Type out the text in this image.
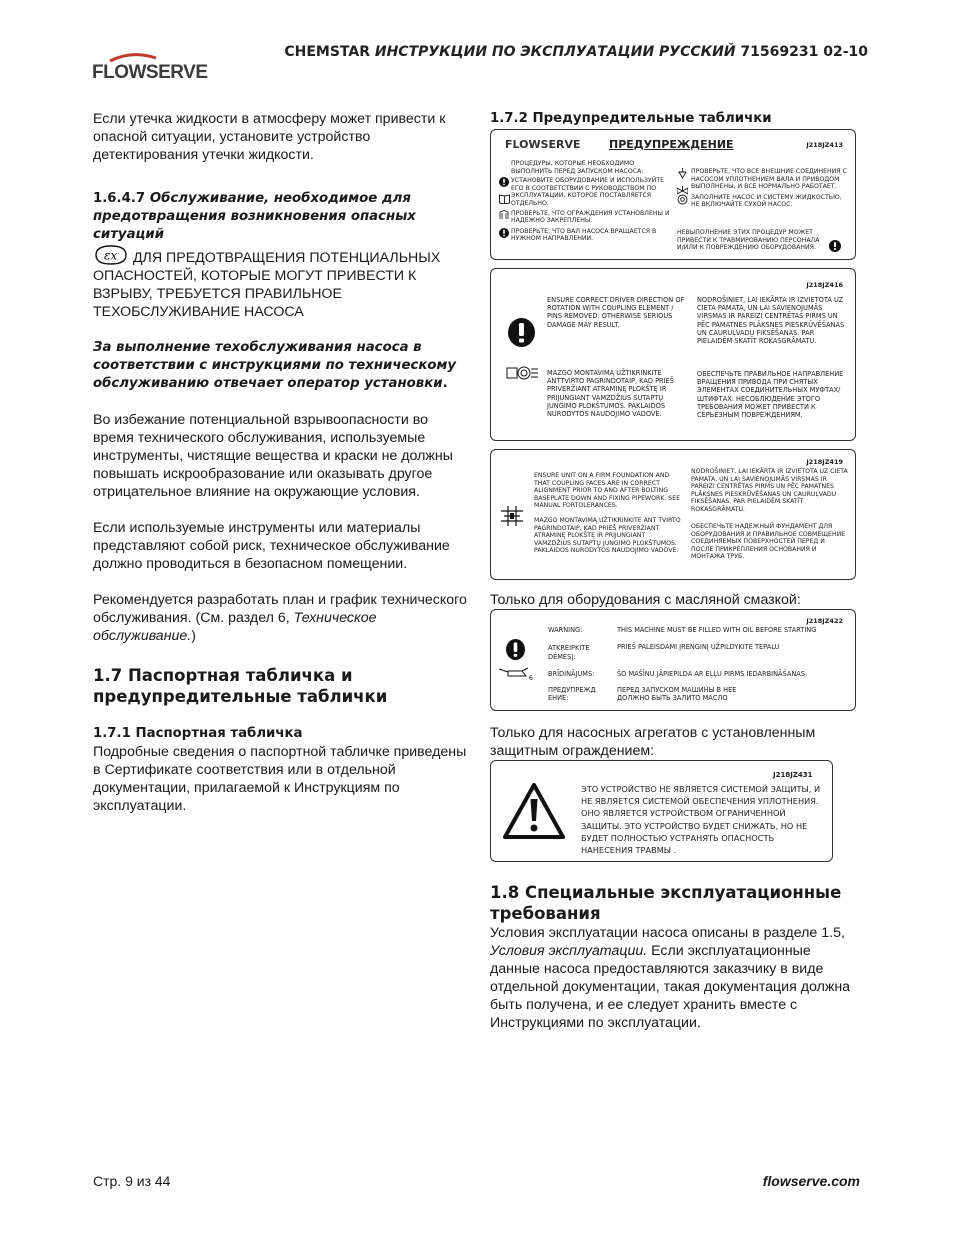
FLOWSERVE
CHEMSTAR ИНСТРУКЦИИ ПО ЭКСПЛУАТАЦИИ РУССКИЙ 71569231 02-10

Если утечка жидкости в атмосферу может привести к опасной ситуации, установите устройство детектирования утечки жидкости.

1.6.4.7 Обслуживание, необходимое для предотвращения возникновения опасных ситуаций

εx ДЛЯ ПРЕДОТВРАЩЕНИЯ ПОТЕНЦИАЛЬНЫХ ОПАСНОСТЕЙ, КОТОРЫЕ МОГУТ ПРИВЕСТИ К ВЗРЫВУ, ТРЕБУЕТСЯ ПРАВИЛЬНОЕ ТЕХОБСЛУЖИВАНИЕ НАСОСА

За выполнение техобслуживания насоса в соответствии с инструкциями по техническому обслуживанию отвечает оператор установки.

Во избежание потенциальной взрывоопасности во время технического обслуживания, используемые инструменты, чистящие вещества и краски не должны повышать искрообразование или оказывать другое отрицательное влияние на окружающие условия.

Если используемые инструменты или материалы представляют собой риск, техническое обслуживание должно проводиться в безопасном помещении.

Рекомендуется разработать план и график технического обслуживания. (См. раздел 6, Техническое обслуживание.)

1.7 Паспортная табличка и предупредительные таблички

1.7.1 Паспортная табличка

Подробные сведения о паспортной табличке приведены в Сертификате соответствия или в отдельной документации, прилагаемой к Инструкциям по эксплуатации.

1.7.2 Предупредительные таблички

FLOWSERVE	ПРЕДУПРЕЖДЕНИЕ	J218JZ413
ПРОЦЕДУРЫ, КОТОРЫЕ НЕОБХОДИМО ВЫПОЛНИТЬ ПЕРЕД ЗАПУСКОМ НАСОСА:
УСТАНОВИТЕ ОБОРУДОВАНИЕ И ИСПОЛЬЗУЙТЕ ЕГО В СООТВЕТСТВИИ С РУКОВОДСТВОМ ПО ЭКСПЛУАТАЦИИ, КОТОРОЕ ПОСТАВЛЯЕТСЯ ОТДЕЛЬНО.
ПРОВЕРЬТЕ, ЧТО ОГРАЖДЕНИЯ УСТАНОВЛЕНЫ И НАДЕЖНО ЗАКРЕПЛЕНЫ.
ПРОВЕРЬТЕ, ЧТО ВАЛ НАСОСА ВРАЩАЕТСЯ В НУЖНОМ НАПРАВЛЕНИИ.
ПРОВЕРЬТЕ, ЧТО ВСЕ ВНЕШНИЕ СОЕДИНЕНИЯ С НАСОСОМ УПЛОТНЕНИЕМ ВАЛА И ПРИВОДОМ ВЫПОЛНЕНЫ, И ВСЕ НОРМАЛЬНО РАБОТАЕТ.
ЗАПОЛНИТЕ НАСОС И СИСТЕМУ ЖИДКОСТЬЮ, НЕ ВКЛЮЧАЙТЕ СУХОЙ НАСОС.
НЕВЫПОЛНЕНИЕ ЭТИХ ПРОЦЕДУР МОЖЕТ ПРИВЕСТИ К ТРАВМИРОВАНИЮ ПЕРСОНАЛА И/ИЛИ К ПОВРЕЖДЕНИЮ ОБОРУДОВАНИЯ.
J218JZ416
ENSURE CORRECT DRIVER DIRECTION OF ROTATION WITH COUPLING ELEMENT / PINS REMOVED: OTHERWISE SERIOUS DAMAGE MAY RESULT.
MAZGO MONTAVIMĄ UŽTIKRINKITE ANTTVIRTO PAGRINDOTAIP, KAD PRIEŠ PRIVERŽIANT ATRAMINĘ PLOKŠTĘ IR PRIJUNGIANT VAMZDŽIUS SUTAPTŲ JUNGIMO PLOKŠTUMOS. PAKLAIDOS NURODYTOS NAUDOJIMO VADOVE.
NODROŠINIET, LAI IEKĀRTA IR IZVIETOTA UZ CIETA PAMATA, UN LAI SAVIENOJUMĀS VIRSMAS IR PAREIZI CENTRĒTAS PIRMS UN PĒC PAMATNES PLĀKSNES PIESKRŪVĒŠANAS UN CAURUĻVADU FIKSĒŠANAS. PAR PIELAIDĒM SKATĪT ROKASGRĀMATU.
ОБЕСПЕЧЬТЕ ПРАВИЛЬНОЕ НАПРАВЛЕНИЕ ВРАЩЕНИЯ ПРИВОДА ПРИ СНЯТЫХ ЭЛЕМЕНТАХ СОЕДИНИТЕЛЬНЫХ МУФТАХ/ШТИФТАХ: НЕСОБЛЮДЕНИЕ ЭТОГО ТРЕБОВАНИЯ МОЖЕТ ПРИВЕСТИ К СЕРЬЕЗНЫМ ПОВРЕЖДЕНИЯМ.
J218JZ419
ENSURE UNIT ON A FIRM FOUNDATION AND THAT COUPLING FACES ARE IN CORRECT ALIGNMENT PRIOR TO AND AFTER BOLTING BASEPLATE DOWN AND FIXING PIPEWORK. SEE MANUAL FORTOLERANCES.
MAZGO MONTAVIMĄ UŽTIKRINKITE ANT TVIRTO PAGRINDOTAIP, KAD PRIEŠ PRIVERŽIANT ATRAMINĘ PLOKŠTĘ IR PRIJUNGIANT VAMZDŽIUS SUTAPTŲ JUNGIMO PLOKŠTUMOS. PAKLAIDOS NURODYTOS NAUDOJIMO VADOVE.
NODROŠINIET, LAI IEKĀRTA IR IZVIETOTA UZ CIETA PAMATA, UN LAI SAVIENOJUMĀS VIRSMAS IR PAREIZI CENTRĒTAS PIRMS UN PĒC PAMATNES PLĀKSNES PIESKRŪVĒŠANAS UN CAURUĻVADU FIKSĒŠANAS. PAR PIELAIDĒM SKATĪT ROKASGRĀMATU.
ОБЕСПЕЧЬТЕ НАДЕЖНЫЙ ФУНДАМЕНТ ДЛЯ ОБОРУДОВАНИЯ И ПРАВИЛЬНОЕ СОВМЕЩЕНИЕ СОЕДИНЯЕМЫХ ПОВЕРХНОСТЕЙ ПЕРЕД И ПОСЛЕ ПРИКРЕПЛЕНИЯ ОСНОВАНИЯ И МОНТАЖА ТРУБ.
Только для оборудования с масляной смазкой:
J218JZ422
6
WARNING:	THIS MACHINE MUST BE FILLED WITH OIL BEFORE STARTING
ATKREIPKITE DĖMESĮ:
PRIEŠ PALEISDAMI ĮRENGINĮ UŽPILDYKITE TEPALU
BRĪDINĀJUMS:	ŠO MAŠĪNU JĀPIEPILDA AR EĻĻU PIRMS IEDARBINĀŠANAS.
ПРЕДУПРЕЖД ЕНИЕ:
ПЕРЕД ЗАПУСКОМ МАШИНЫ В НЕЕ ДОЛЖНО БЫТЬ ЗАЛИТО МАСЛО
Только для насосных агрегатов с установленным защитным ограждением:
J218JZ431
ЭТО УСТРОЙСТВО НЕ ЯВЛЯЕТСЯ СИСТЕМОЙ ЗАЩИТЫ, И НЕ ЯВЛЯЕТСЯ СИСТЕМОЙ ОБЕСПЕЧЕНИЯ УПЛОТНЕНИЯ. ОНО ЯВЛЯЕТСЯ УСТРОЙСТВОМ ОГРАНИЧЕННОЙ ЗАЩИТЫ. ЭТО УСТРОЙСТВО БУДЕТ СНИЖАТЬ, НО НЕ БУДЕТ ПОЛНОСТЬЮ УСТРАНЯТЬ ОПАСНОСТЬ НАНЕСЕНИЯ ТРАВМЫ .

1.8 Специальные эксплуатационные требования

Условия эксплуатации насоса описаны в разделе 1.5, Условия эксплуатации. Если эксплуатационные данные насоса предоставляются заказчику в виде отдельной документации, такая документация должна быть получена, и ее следует хранить вместе с Инструкциями по эксплуатации.

Стр. 9 из 44	flowserve.com
